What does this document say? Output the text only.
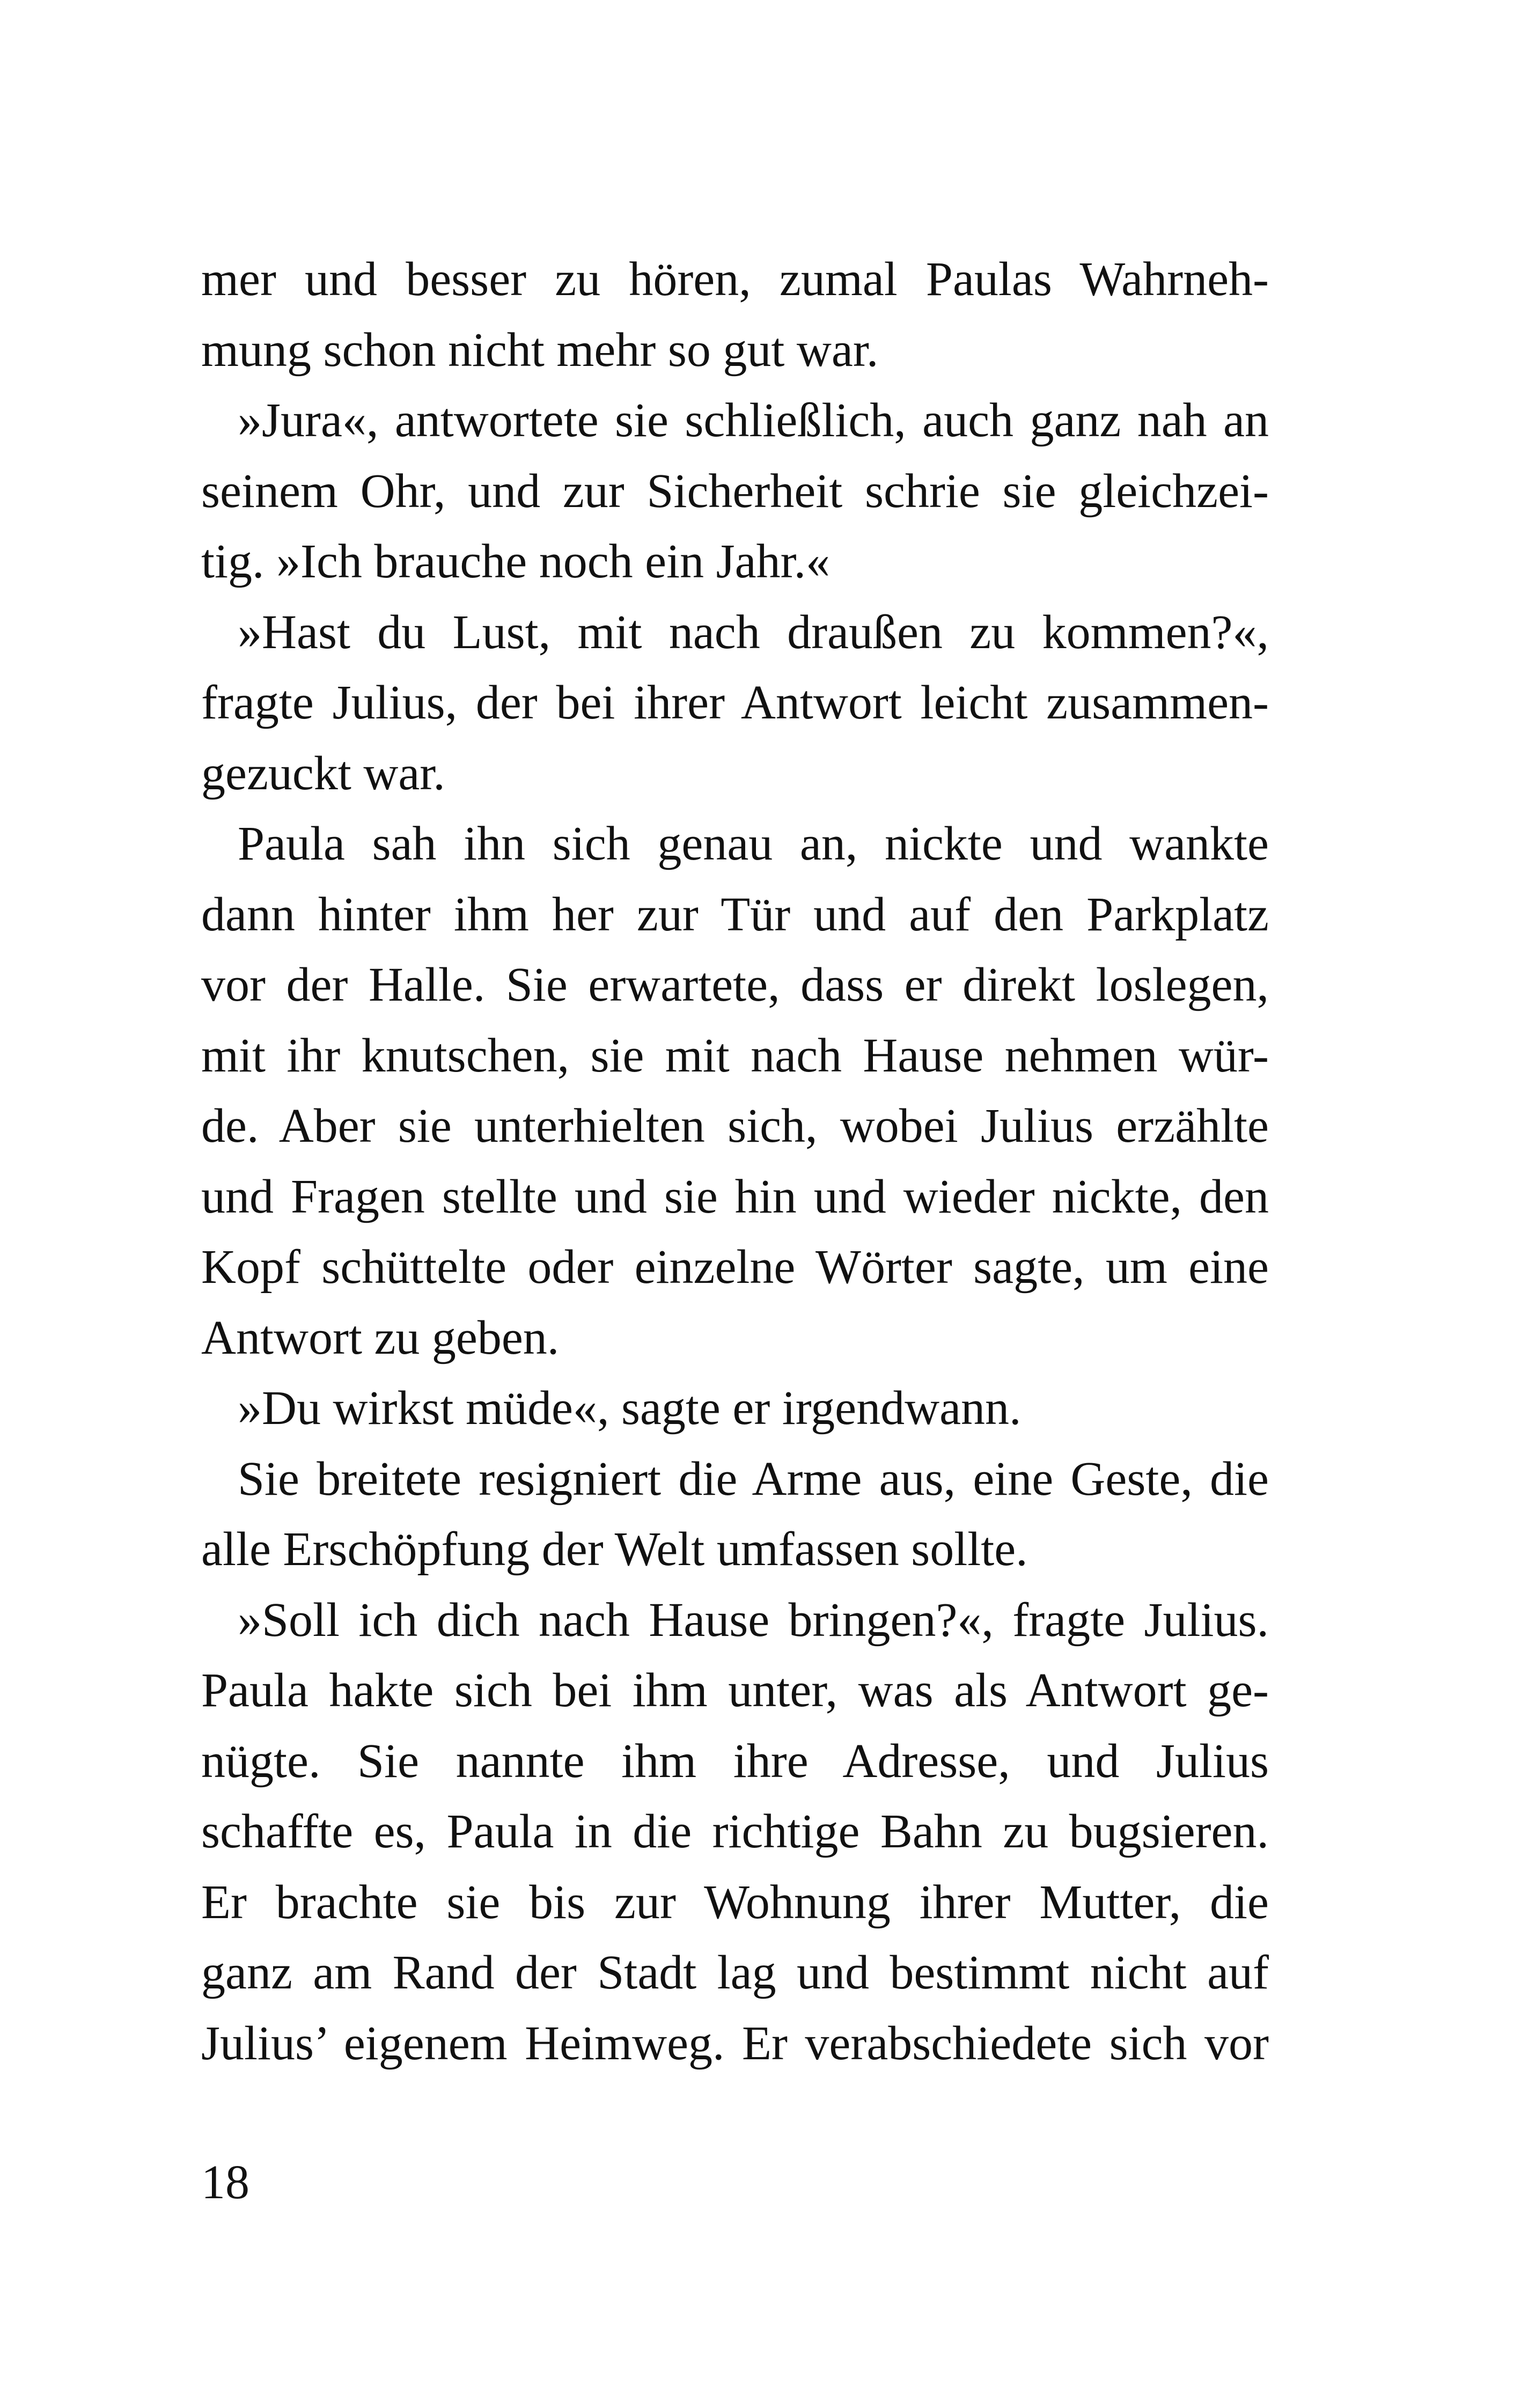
mer und besser zu hören, zumal Paulas Wahrneh-
mung schon nicht mehr so gut war.
»Jura«, antwortete sie schließlich, auch ganz nah an
seinem Ohr, und zur Sicherheit schrie sie gleichzei-
tig. »Ich brauche noch ein Jahr.«
»Hast du Lust, mit nach draußen zu kommen?«,
fragte Julius, der bei ihrer Antwort leicht zusammen-
gezuckt war.
Paula sah ihn sich genau an, nickte und wankte
dann hinter ihm her zur Tür und auf den Parkplatz
vor der Halle. Sie erwartete, dass er direkt loslegen,
mit ihr knutschen, sie mit nach Hause nehmen wür-
de. Aber sie unterhielten sich, wobei Julius erzählte
und Fragen stellte und sie hin und wieder nickte, den
Kopf schüttelte oder einzelne Wörter sagte, um eine
Antwort zu geben.
»Du wirkst müde«, sagte er irgendwann.
Sie breitete resigniert die Arme aus, eine Geste, die
alle Erschöpfung der Welt umfassen sollte.
»Soll ich dich nach Hause bringen?«, fragte Julius.
Paula hakte sich bei ihm unter, was als Antwort ge-
nügte. Sie nannte ihm ihre Adresse, und Julius
schaffte es, Paula in die richtige Bahn zu bugsieren.
Er brachte sie bis zur Wohnung ihrer Mutter, die
ganz am Rand der Stadt lag und bestimmt nicht auf
Julius’ eigenem Heimweg. Er verabschiedete sich vor
18
